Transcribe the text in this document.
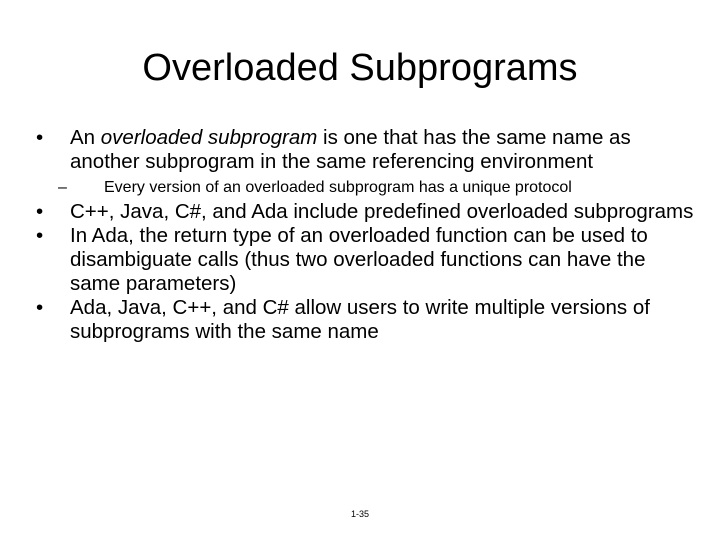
Overloaded Subprograms
•	An overloaded subprogram is one that has the same name as another subprogram in the same referencing environment
–	Every version of an overloaded subprogram has a unique protocol
•	C++, Java, C#, and Ada include predefined overloaded subprograms
•	In Ada, the return type of an overloaded function can be used to disambiguate calls (thus two overloaded functions can have the same parameters)
•	Ada, Java, C++, and C# allow users to write multiple versions of subprograms with the same name
1-35
